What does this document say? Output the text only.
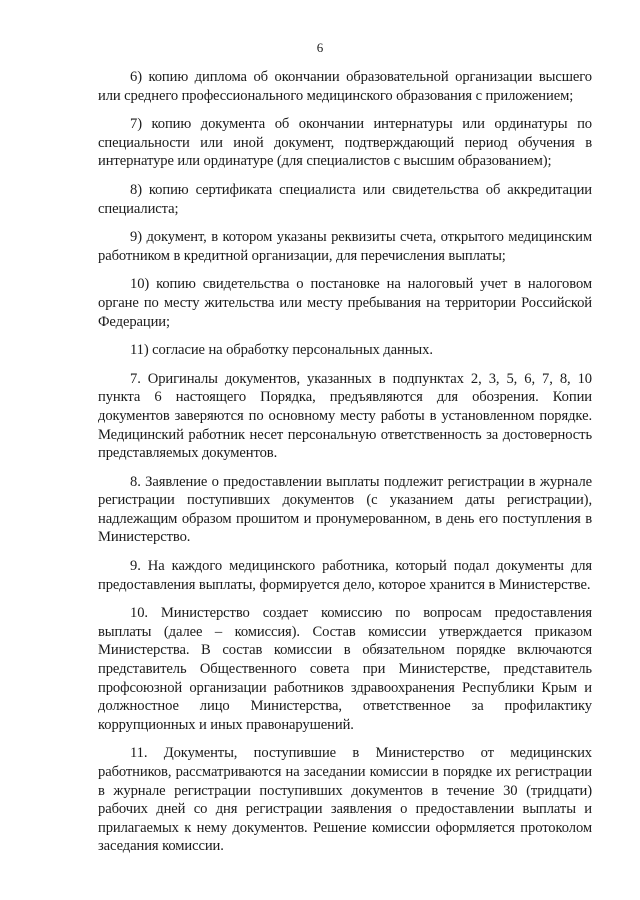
6

6) копию диплома об окончании образовательной организации высшего или среднего профессионального медицинского образования с приложением;

7) копию документа об окончании интернатуры или ординатуры по специальности или иной документ, подтверждающий период обучения в интернатуре или ординатуре (для специалистов с высшим образованием);

8) копию сертификата специалиста или свидетельства об аккредитации специалиста;

9) документ, в котором указаны реквизиты счета, открытого медицинским работником в кредитной организации, для перечисления выплаты;

10) копию свидетельства о постановке на налоговый учет в налоговом органе по месту жительства или месту пребывания на территории Российской Федерации;

11) согласие на обработку персональных данных.

7. Оригиналы документов, указанных в подпунктах 2, 3, 5, 6, 7, 8, 10 пункта 6 настоящего Порядка, предъявляются для обозрения. Копии документов заверяются по основному месту работы в установленном порядке. Медицинский работник несет персональную ответственность за достоверность представляемых документов.

8. Заявление о предоставлении выплаты подлежит регистрации в журнале регистрации поступивших документов (с указанием даты регистрации), надлежащим образом прошитом и пронумерованном, в день его поступления в Министерство.

9. На каждого медицинского работника, который подал документы для предоставления выплаты, формируется дело, которое хранится в Министерстве.

10. Министерство создает комиссию по вопросам предоставления выплаты (далее – комиссия). Состав комиссии утверждается приказом Министерства. В состав комиссии в обязательном порядке включаются представитель Общественного совета при Министерстве, представитель профсоюзной организации работников здравоохранения Республики Крым и должностное лицо Министерства, ответственное за профилактику коррупционных и иных правонарушений.

11. Документы, поступившие в Министерство от медицинских работников, рассматриваются на заседании комиссии в порядке их регистрации в журнале регистрации поступивших документов в течение 30 (тридцати) рабочих дней со дня регистрации заявления о предоставлении выплаты и прилагаемых к нему документов. Решение комиссии оформляется протоколом заседания комиссии.
